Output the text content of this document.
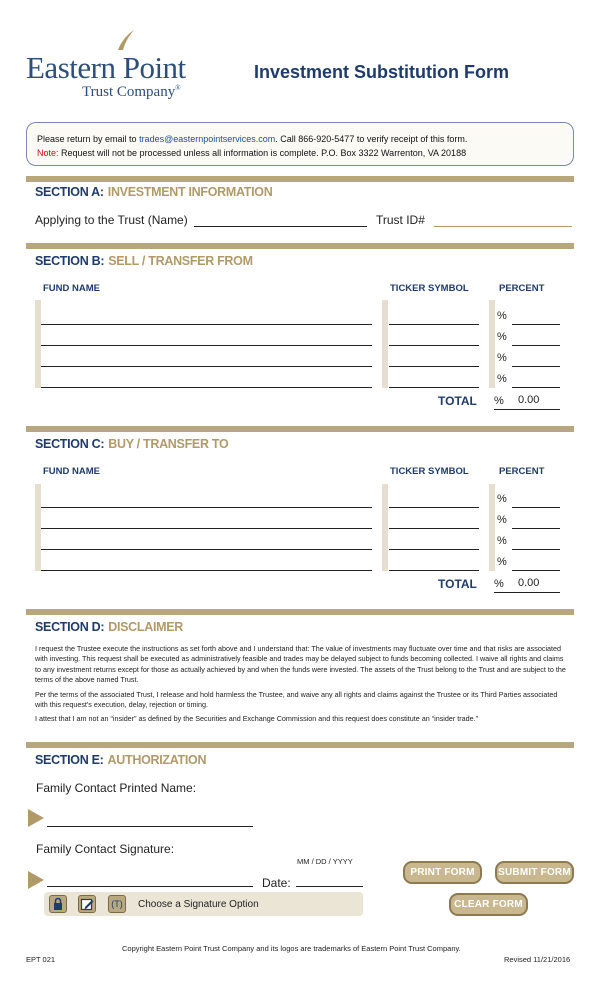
Eastern Point
Trust Company®
Investment Substitution Form
Please return by email to trades@easternpointservices.com. Call 866-920-5477 to verify receipt of this form.
Note: Request will not be processed unless all information is complete. P.O. Box 3322 Warrenton, VA 20188
SECTION A: INVESTMENT INFORMATION
Applying to the Trust (Name)	Trust ID#
SECTION B: SELL / TRANSFER FROM
FUND NAME	TICKER SYMBOL	PERCENT
%
%
%
%
TOTAL % 0.00
SECTION C: BUY / TRANSFER TO
FUND NAME	TICKER SYMBOL	PERCENT
%
%
%
%
TOTAL % 0.00
SECTION D: DISCLAIMER

I request the Trustee execute the instructions as set forth above and I understand that: The value of investments may fluctuate over time and that risks are associated with investing. This request shall be executed as administratively feasible and trades may be delayed subject to funds becoming collected. I waive all rights and claims to any investment returns except for those as actually achieved by and when the funds were invested. The assets of the Trust belong to the Trust and are subject to the terms of the above named Trust.

Per the terms of the associated Trust, I release and hold harmless the Trustee, and waive any all rights and claims against the Trustee or its Third Parties associated with this request's execution, delay, rejection or timing.

I attest that I am not an “insider” as defined by the Securities and Exchange Commission and this request does constitute an “insider trade.”

SECTION E: AUTHORIZATION
Family Contact Printed Name:
Family Contact Signature:
MM / DD / YYYY
Date:
(T)	Choose a Signature Option
PRINT FORM	SUBMIT FORM
CLEAR FORM
Copyright Eastern Point Trust Company and its logos are trademarks of Eastern Point Trust Company.
EPT 021	Revised 11/21/2016
